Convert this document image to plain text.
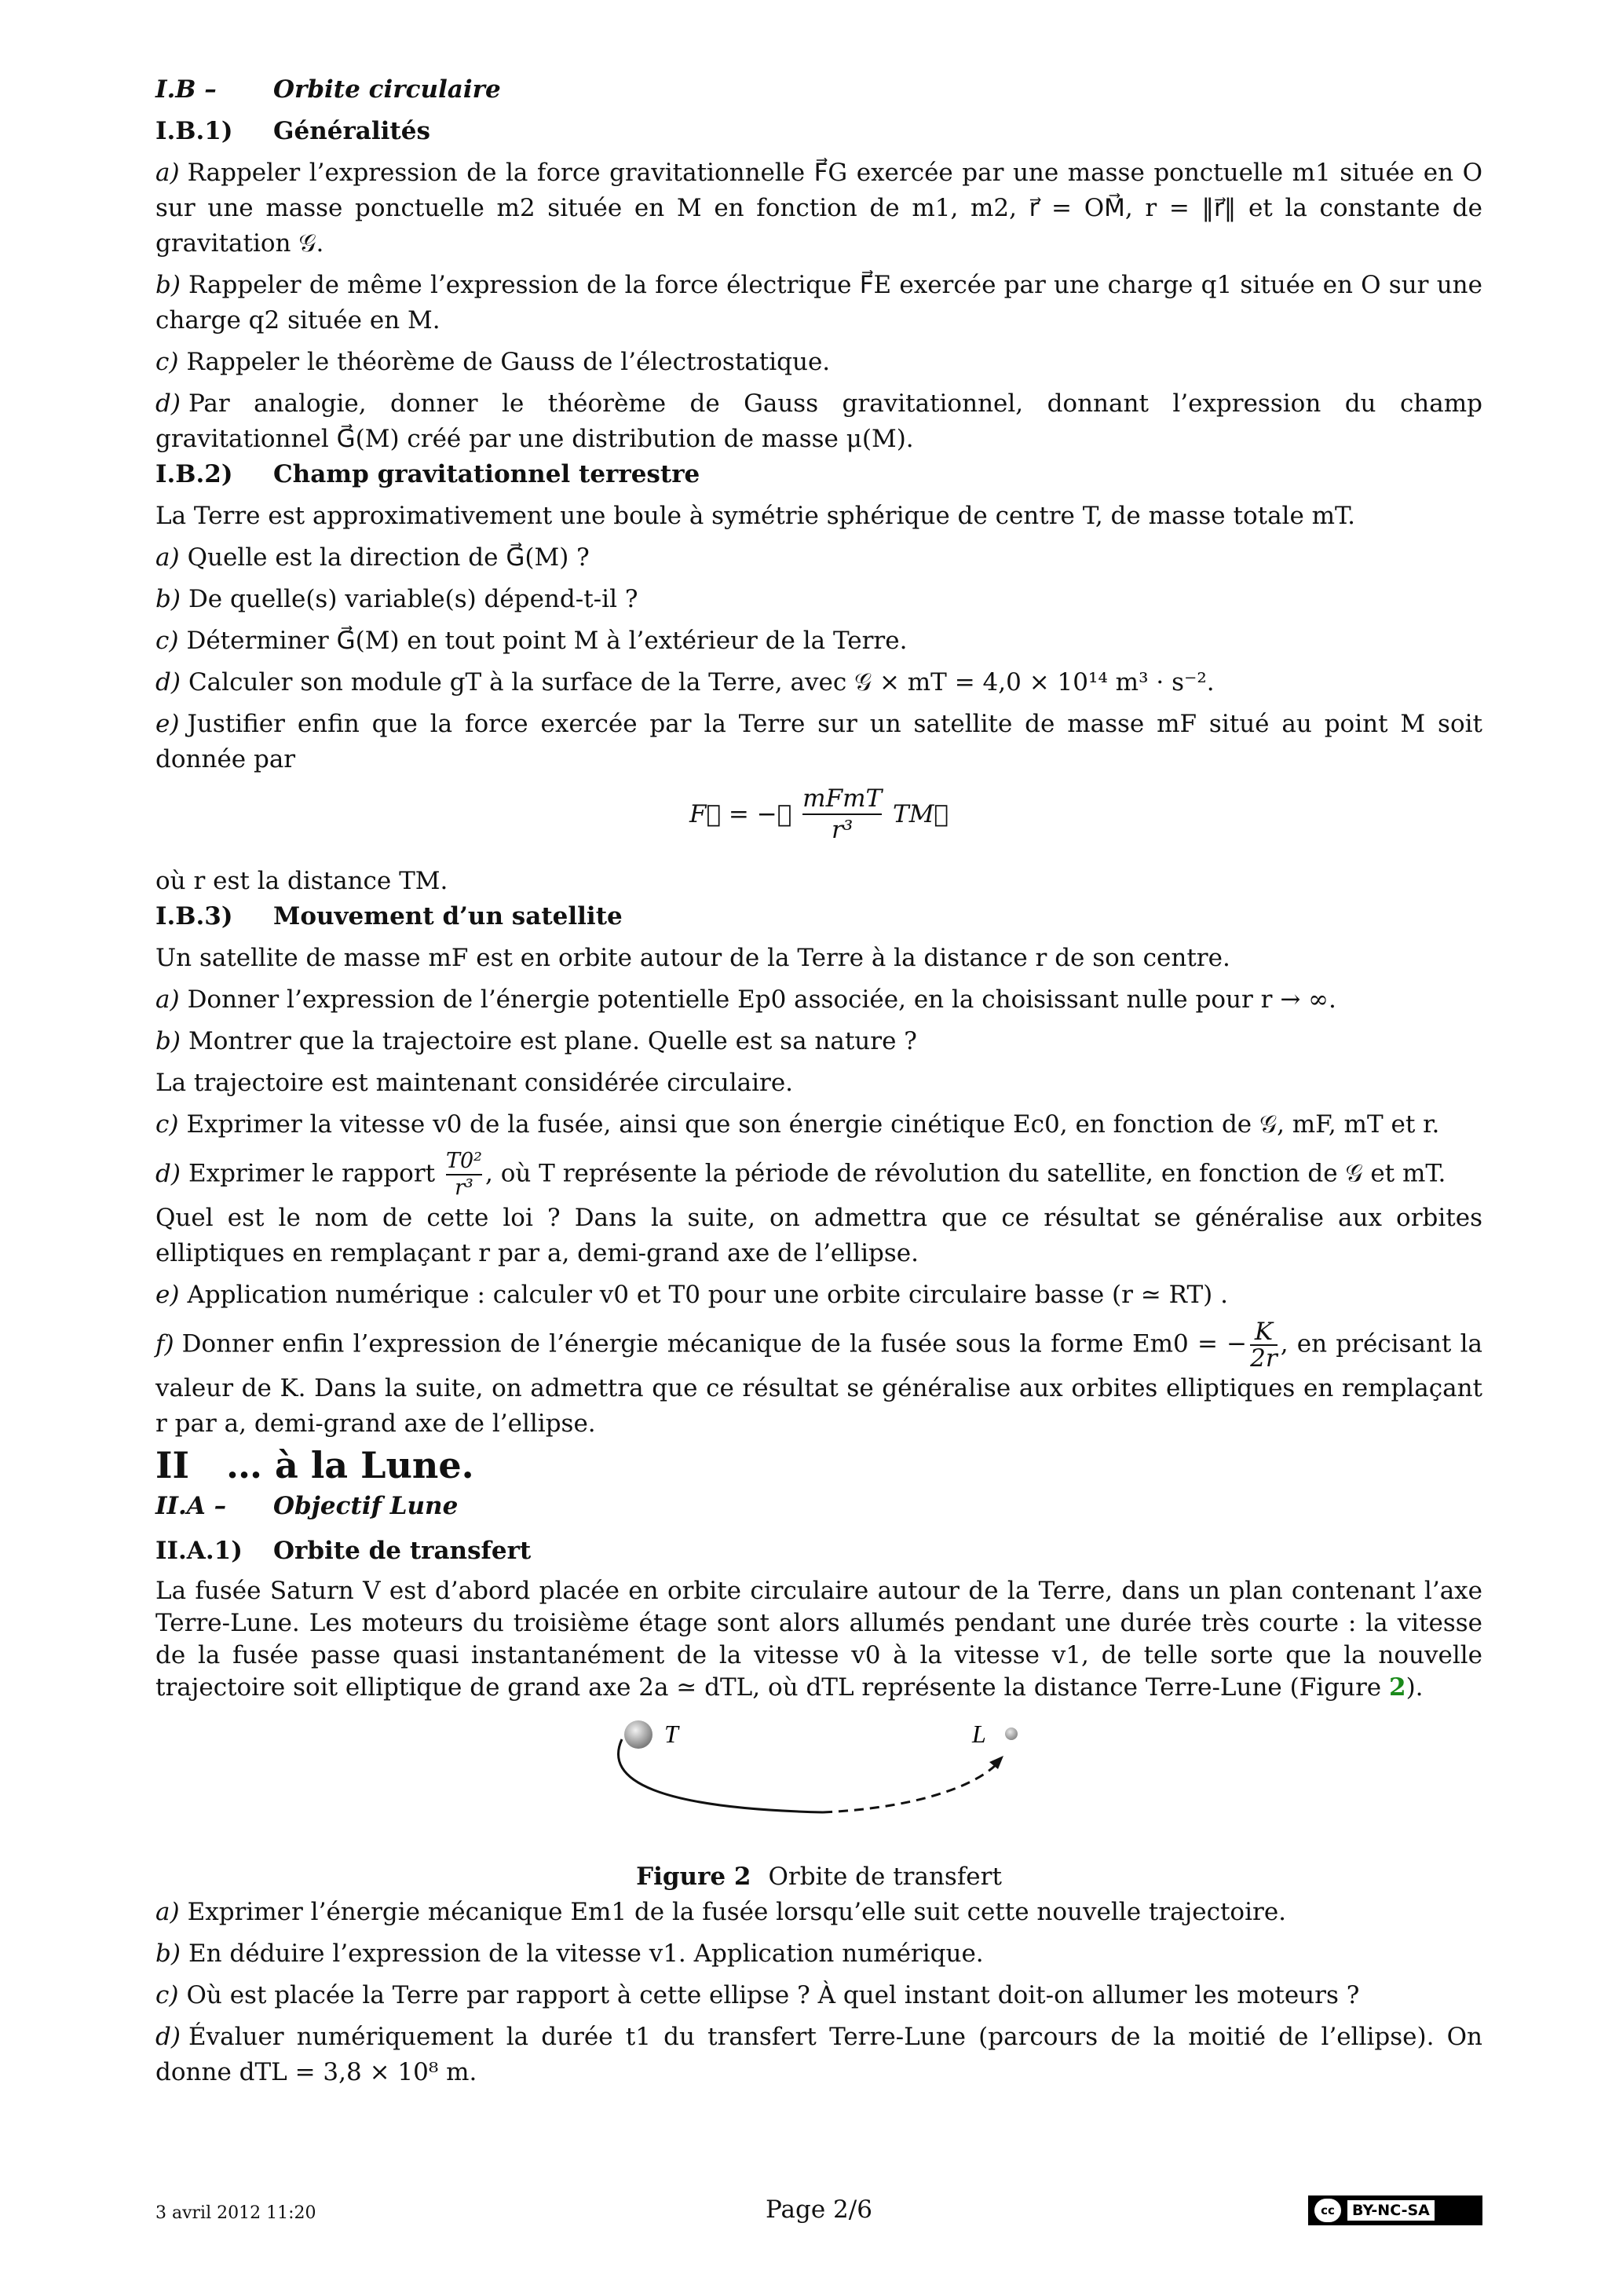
I.B – Orbite circulaire

I.B.1) Généralités

a) Rappeler l’expression de la force gravitationnelle F⃗G exercée par une masse ponctuelle m1 située en O sur une masse ponctuelle m2 située en M en fonction de m1, m2, r⃗ = OM⃗, r = ‖r⃗‖ et la constante de gravitation 𝒢.

b) Rappeler de même l’expression de la force électrique F⃗E exercée par une charge q1 située en O sur une charge q2 située en M.

c) Rappeler le théorème de Gauss de l’électrostatique.

d) Par analogie, donner le théorème de Gauss gravitationnel, donnant l’expression du champ gravitationnel G⃗(M) créé par une distribution de masse μ(M).

I.B.2) Champ gravitationnel terrestre

La Terre est approximativement une boule à symétrie sphérique de centre T, de masse totale mT.

a) Quelle est la direction de G⃗(M) ?

b) De quelle(s) variable(s) dépend-t-il ?

c) Déterminer G⃗(M) en tout point M à l’extérieur de la Terre.

d) Calculer son module gT à la surface de la Terre, avec 𝒢 × mT = 4,0 × 10¹⁴ m³ · s⁻².

e) Justifier enfin que la force exercée par la Terre sur un satellite de masse mF situé au point M soit donnée par

F⃗ = −𝒢
mFmT
r³
TM⃗

où r est la distance TM.

I.B.3) Mouvement d’un satellite

Un satellite de masse mF est en orbite autour de la Terre à la distance r de son centre.

a) Donner l’expression de l’énergie potentielle Ep0 associée, en la choisissant nulle pour r → ∞.

b) Montrer que la trajectoire est plane. Quelle est sa nature ?

La trajectoire est maintenant considérée circulaire.

c) Exprimer la vitesse v0 de la fusée, ainsi que son énergie cinétique Ec0, en fonction de 𝒢, mF, mT et r.

d) Exprimer le rapport $\frac{\text{T0²}}{\text{r³}}$ , où T représente la période de révolution du satellite, en fonction de 𝒢 et mT.

Quel est le nom de cette loi ? Dans la suite, on admettra que ce résultat se généralise aux orbites elliptiques en remplaçant r par a, demi-grand axe de l’ellipse.

e) Application numérique : calculer v0 et T0 pour une orbite circulaire basse (r ≃ RT) .

f) Donner enfin l’expression de l’énergie mécanique de la fusée sous la forme Em0 = − $\frac{K}{2r}$ , en précisant la valeur de K. Dans la suite, on admettra que ce résultat se généralise aux orbites elliptiques en remplaçant r par a, demi-grand axe de l’ellipse.

II … à la Lune.

II.A – Objectif Lune

II.A.1) Orbite de transfert

La fusée Saturn V est d’abord placée en orbite circulaire autour de la Terre, dans un plan contenant l’axe Terre-Lune. Les moteurs du troisième étage sont alors allumés pendant une durée très courte : la vitesse de la fusée passe quasi instantanément de la vitesse v0 à la vitesse v1, de telle sorte que la nouvelle trajectoire soit elliptique de grand axe 2a ≃ dTL, où dTL représente la distance Terre-Lune (Figure 2).

T	L

Figure 2 Orbite de transfert

a) Exprimer l’énergie mécanique Em1 de la fusée lorsqu’elle suit cette nouvelle trajectoire.

b) En déduire l’expression de la vitesse v1. Application numérique.

c) Où est placée la Terre par rapport à cette ellipse ? À quel instant doit-on allumer les moteurs ?

d) Évaluer numériquement la durée t1 du transfert Terre-Lune (parcours de la moitié de l’ellipse). On donne dTL = 3,8 × 10⁸ m.

3 avril 2012 11:20	Page 2/6	cc	BY-NC-SA
